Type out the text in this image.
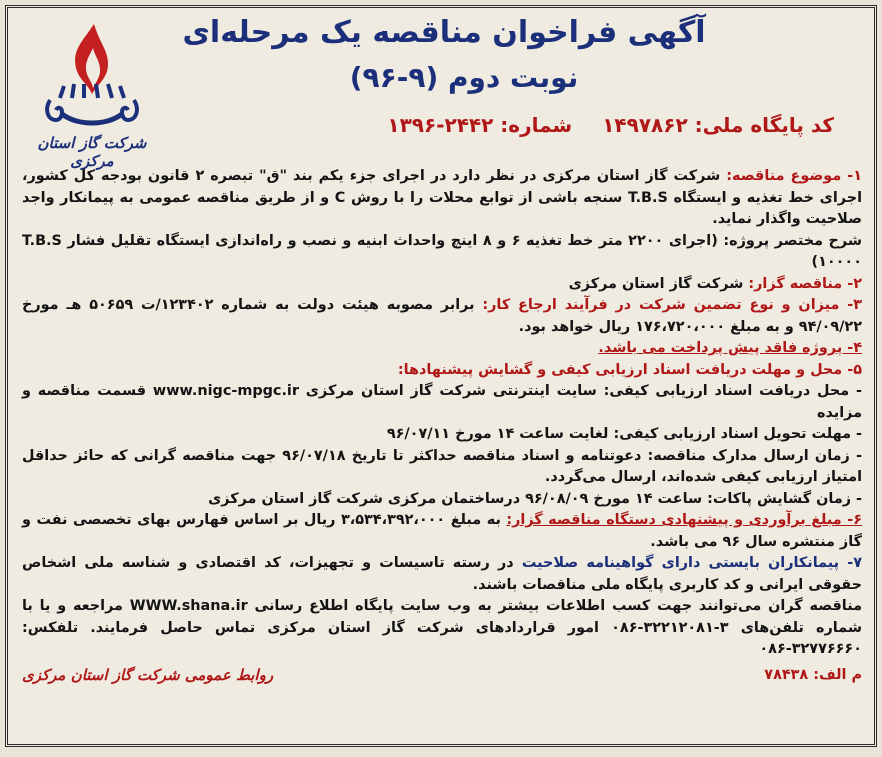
شرکت گاز استان مرکزی
آگهی فراخوان مناقصه یک مرحله‌ای
نوبت دوم (۹-۹۶)
کد پایگاه ملی: ۱۴۹۷۸۶۲
شماره: ۲۴۴۲-۱۳۹۶

۱- موضوع مناقصه: شرکت گاز استان مرکزی در نظر دارد در اجرای جزء یکم بند "ق" تبصره ۲ قانون بودجه کل کشور، اجرای خط تغذیه و ایستگاه T.B.S سنجه باشی از توابع محلات را با روش C و از طریق مناقصه عمومی به پیمانکار واجد صلاحیت واگذار نماید.

شرح مختصر پروژه: (اجرای ۲۲۰۰ متر خط تغذیه ۶ و ۸ اینچ واحداث ابنیه و نصب و راه‌اندازی ایستگاه تقلیل فشار T.B.S ۱۰۰۰۰)

۲- مناقصه گزار: شرکت گاز استان مرکزی

۳- میزان و نوع تضمین شرکت در فرآیند ارجاع کار: برابر مصوبه هیئت دولت به شماره ۱۲۳۴۰۲/ت ۵۰۶۵۹ هـ مورخ ۹۴/۰۹/۲۲ و به مبلغ ۱۷۶،۷۲۰،۰۰۰ ریال خواهد بود.

۴- پروژه فاقد پیش پرداخت می باشد.

۵- محل و مهلت دریافت اسناد ارزیابی کیفی و گشایش پیشنهادها:

- محل دریافت اسناد ارزیابی کیفی: سایت اینترنتی شرکت گاز استان مرکزی www.nigc-mpgc.ir قسمت مناقصه و مزایده

- مهلت تحویل اسناد ارزیابی کیفی: لغایت ساعت ۱۴ مورخ ۹۶/۰۷/۱۱

- زمان ارسال مدارک مناقصه: دعوتنامه و اسناد مناقصه حداکثر تا تاریخ ۹۶/۰۷/۱۸ جهت مناقصه گرانی که حائز حداقل امتیاز ارزیابی کیفی شده‌اند، ارسال می‌گردد.

- زمان گشایش پاکات: ساعت ۱۴ مورخ ۹۶/۰۸/۰۹ درساختمان مرکزی شرکت گاز استان مرکزی

۶- مبلغ برآوردی و پیشنهادی دستگاه مناقصه گزار: به مبلغ ۳،۵۳۴،۳۹۲،۰۰۰ ریال بر اساس فهارس بهای تخصصی نفت و گاز منتشره سال ۹۶ می باشد.

۷- پیمانکاران بایستی دارای گواهینامه صلاحیت در رسته تاسیسات و تجهیزات، کد اقتصادی و شناسه ملی اشخاص حقوقی ایرانی و کد کاربری پایگاه ملی مناقصات باشند.

مناقصه گران می‌توانند جهت کسب اطلاعات بیشتر به وب سایت پایگاه اطلاع رسانی WWW.shana.ir مراجعه و یا با شماره تلفن‌های ۳-۳۲۲۱۲۰۸۱-۰۸۶ امور قراردادهای شرکت گاز استان مرکزی تماس حاصل فرمایند. تلفکس: ۳۲۷۷۶۶۶۰-۰۸۶

م الف: ۷۸۴۳۸
روابط عمومی شرکت گاز استان مرکزی
